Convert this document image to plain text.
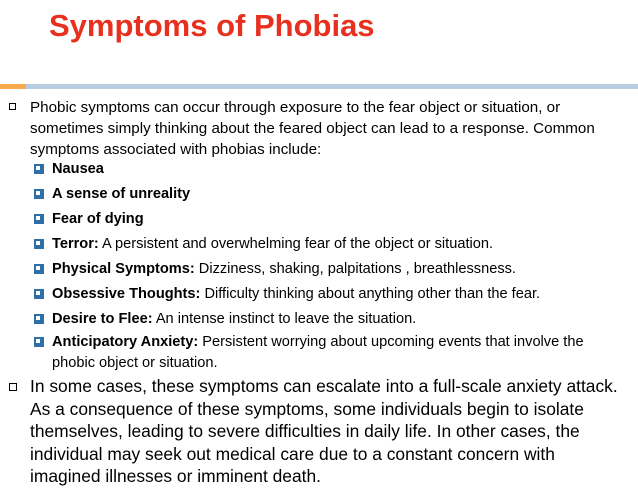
Symptoms of Phobias

Phobic symptoms can occur through exposure to the fear object or situation, or sometimes simply thinking about the feared object can lead to a response. Common symptoms associated with phobias include:

Nausea

A sense of unreality

Fear of dying

Terror: A persistent and overwhelming fear of the object or situation.

Physical Symptoms: Dizziness, shaking, palpitations , breathlessness.

Obsessive Thoughts: Difficulty thinking about anything other than the fear.

Desire to Flee: An intense instinct to leave the situation.

Anticipatory Anxiety: Persistent worrying about upcoming events that involve the phobic object or situation.

In some cases, these symptoms can escalate into a full-scale anxiety attack. As a consequence of these symptoms, some individuals begin to isolate themselves, leading to severe difficulties in daily life. In other cases, the individual may seek out medical care due to a constant concern with imagined illnesses or imminent death.
